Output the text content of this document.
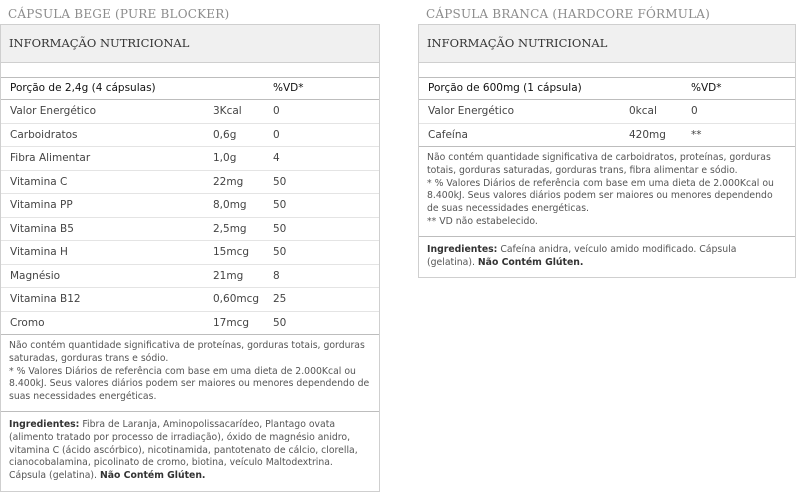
CÁPSULA BEGE (PURE BLOCKER)
INFORMAÇÃO NUTRICIONAL
Porção de 2,4g (4 cápsulas)	%VD*
Valor Energético	3Kcal	0
Carboidratos	0,6g	0
Fibra Alimentar	1,0g	4
Vitamina C	22mg	50
Vitamina PP	8,0mg	50
Vitamina B5	2,5mg	50
Vitamina H	15mcg 50
Magnésio	21mg	8
Vitamina B12	0,60mcg 25
Cromo	17mcg 50

Não contém quantidade significativa de proteínas, gorduras totais, gorduras saturadas, gorduras trans e sódio.

* % Valores Diários de referência com base em uma dieta de 2.000Kcal ou 8.400kJ. Seus valores diários podem ser maiores ou menores dependendo de suas necessidades energéticas.

Ingredientes: Fibra de Laranja, Aminopolissacarídeo, Plantago ovata (alimento tratado por processo de irradiação), óxido de magnésio anidro, vitamina C (ácido ascórbico), nicotinamida, pantotenato de cálcio, clorella, cianocobalamina, picolinato de cromo, biotina, veículo Maltodextrina. Cápsula (gelatina). Não Contém Glúten.
CÁPSULA BRANCA (HARDCORE FÓRMULA)
INFORMAÇÃO NUTRICIONAL
Porção de 600mg (1 cápsula)	%VD*
Valor Energético	0kcal	0
Cafeína	420mg **

Não contém quantidade significativa de carboidratos, proteínas, gorduras totais, gorduras saturadas, gorduras trans, fibra alimentar e sódio.

* % Valores Diários de referência com base em uma dieta de 2.000Kcal ou 8.400kJ. Seus valores diários podem ser maiores ou menores dependendo de suas necessidades energéticas.

** VD não estabelecido.

Ingredientes: Cafeína anidra, veículo amido modificado. Cápsula (gelatina). Não Contém Glúten.
